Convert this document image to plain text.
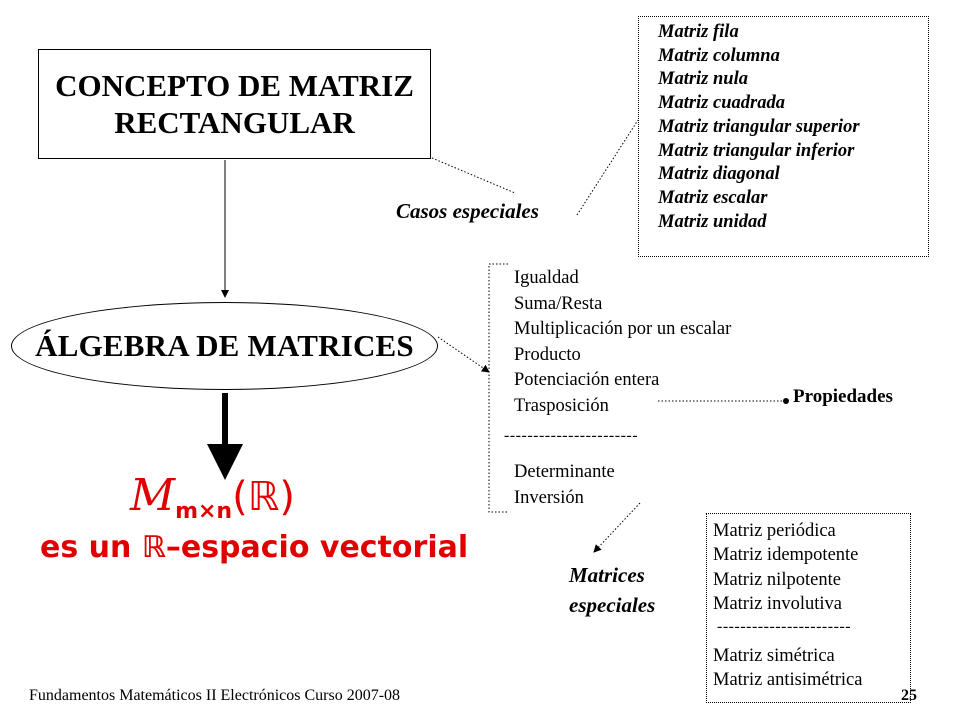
CONCEPTO DE MATRIZ
RECTANGULAR
ÁLGEBRA DE MATRICES
Matriz fila
Matriz columna
Matriz nula
Matriz cuadrada
Matriz triangular superior
Matriz triangular inferior
Matriz diagonal
Matriz escalar
Matriz unidad
Casos especiales
Igualdad
Suma/Resta
Multiplicación por un escalar
Producto
Potenciación entera
Trasposición
-----------------------
Determinante
Inversión
Propiedades
Matrices
especiales
Matriz periódica
Matriz idempotente
Matriz nilpotente
Matriz involutiva
-----------------------
Matriz simétrica
Matriz antisimétrica
$M_{m\times n}(ℝ)$
es un ℝ–espacio vectorial
Fundamentos Matemáticos II Electrónicos Curso 2007-08	25
